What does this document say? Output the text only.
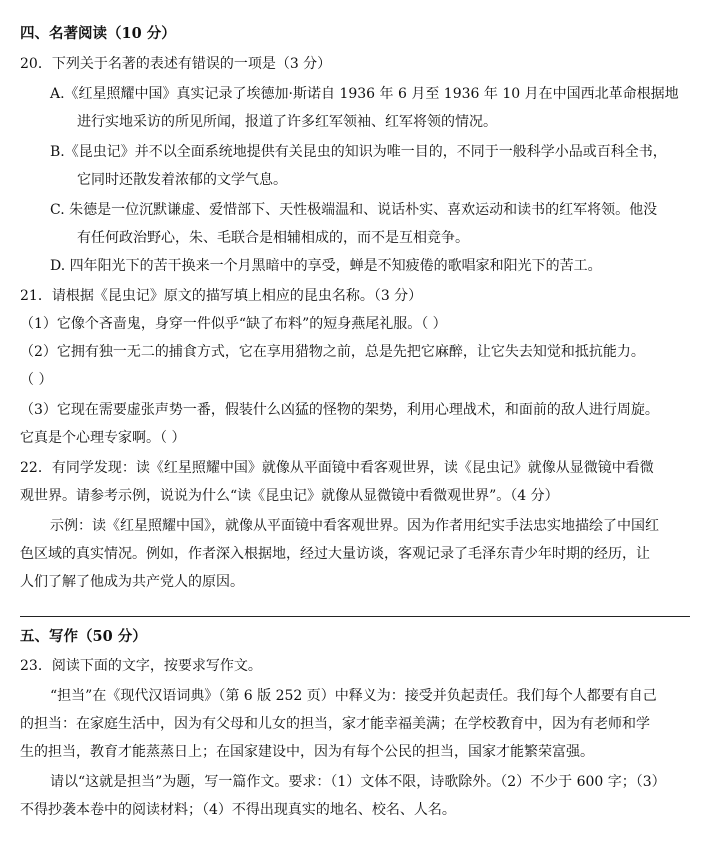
四、名著阅读（10 分）
20．下列关于名著的表述有错误的一项是（3 分）
A.《红星照耀中国》真实记录了埃德加·斯诺自 1936 年 6 月至 1936 年 10 月在中国西北革命根据地
进行实地采访的所见所闻，报道了许多红军领袖、红军将领的情况。
B.《昆虫记》并不以全面系统地提供有关昆虫的知识为唯一目的，不同于一般科学小品或百科全书，
它同时还散发着浓郁的文学气息。
C. 朱德是一位沉默谦虚、爱惜部下、天性极端温和、说话朴实、喜欢运动和读书的红军将领。他没
有任何政治野心，朱、毛联合是相辅相成的，而不是互相竞争。
D. 四年阳光下的苦干换来一个月黑暗中的享受，蝉是不知疲倦的歌唱家和阳光下的苦工。
21．请根据《昆虫记》原文的描写填上相应的昆虫名称。（3 分）
（1）它像个吝啬鬼，身穿一件似乎“缺了布料”的短身燕尾礼服。（ ）
（2）它拥有独一无二的捕食方式，它在享用猎物之前，总是先把它麻醉，让它失去知觉和抵抗能力。
（ ）
（3）它现在需要虚张声势一番，假装什么凶猛的怪物的架势，利用心理战术，和面前的敌人进行周旋。
它真是个心理专家啊。（ ）
22．有同学发现：读《红星照耀中国》就像从平面镜中看客观世界，读《昆虫记》就像从显微镜中看微
观世界。请参考示例，说说为什么“读《昆虫记》就像从显微镜中看微观世界”。（4 分）
示例：读《红星照耀中国》，就像从平面镜中看客观世界。因为作者用纪实手法忠实地描绘了中国红
色区域的真实情况。例如，作者深入根据地，经过大量访谈，客观记录了毛泽东青少年时期的经历，让
人们了解了他成为共产党人的原因。
五、写作（50 分）
23．阅读下面的文字，按要求写作文。
“担当”在《现代汉语词典》（第 6 版 252 页）中释义为：接受并负起责任。我们每个人都要有自己
的担当：在家庭生活中，因为有父母和儿女的担当，家才能幸福美满；在学校教育中，因为有老师和学
生的担当，教育才能蒸蒸日上；在国家建设中，因为有每个公民的担当，国家才能繁荣富强。
请以“这就是担当”为题，写一篇作文。要求：（1）文体不限，诗歌除外。（2）不少于 600 字；（3）
不得抄袭本卷中的阅读材料；（4）不得出现真实的地名、校名、人名。
